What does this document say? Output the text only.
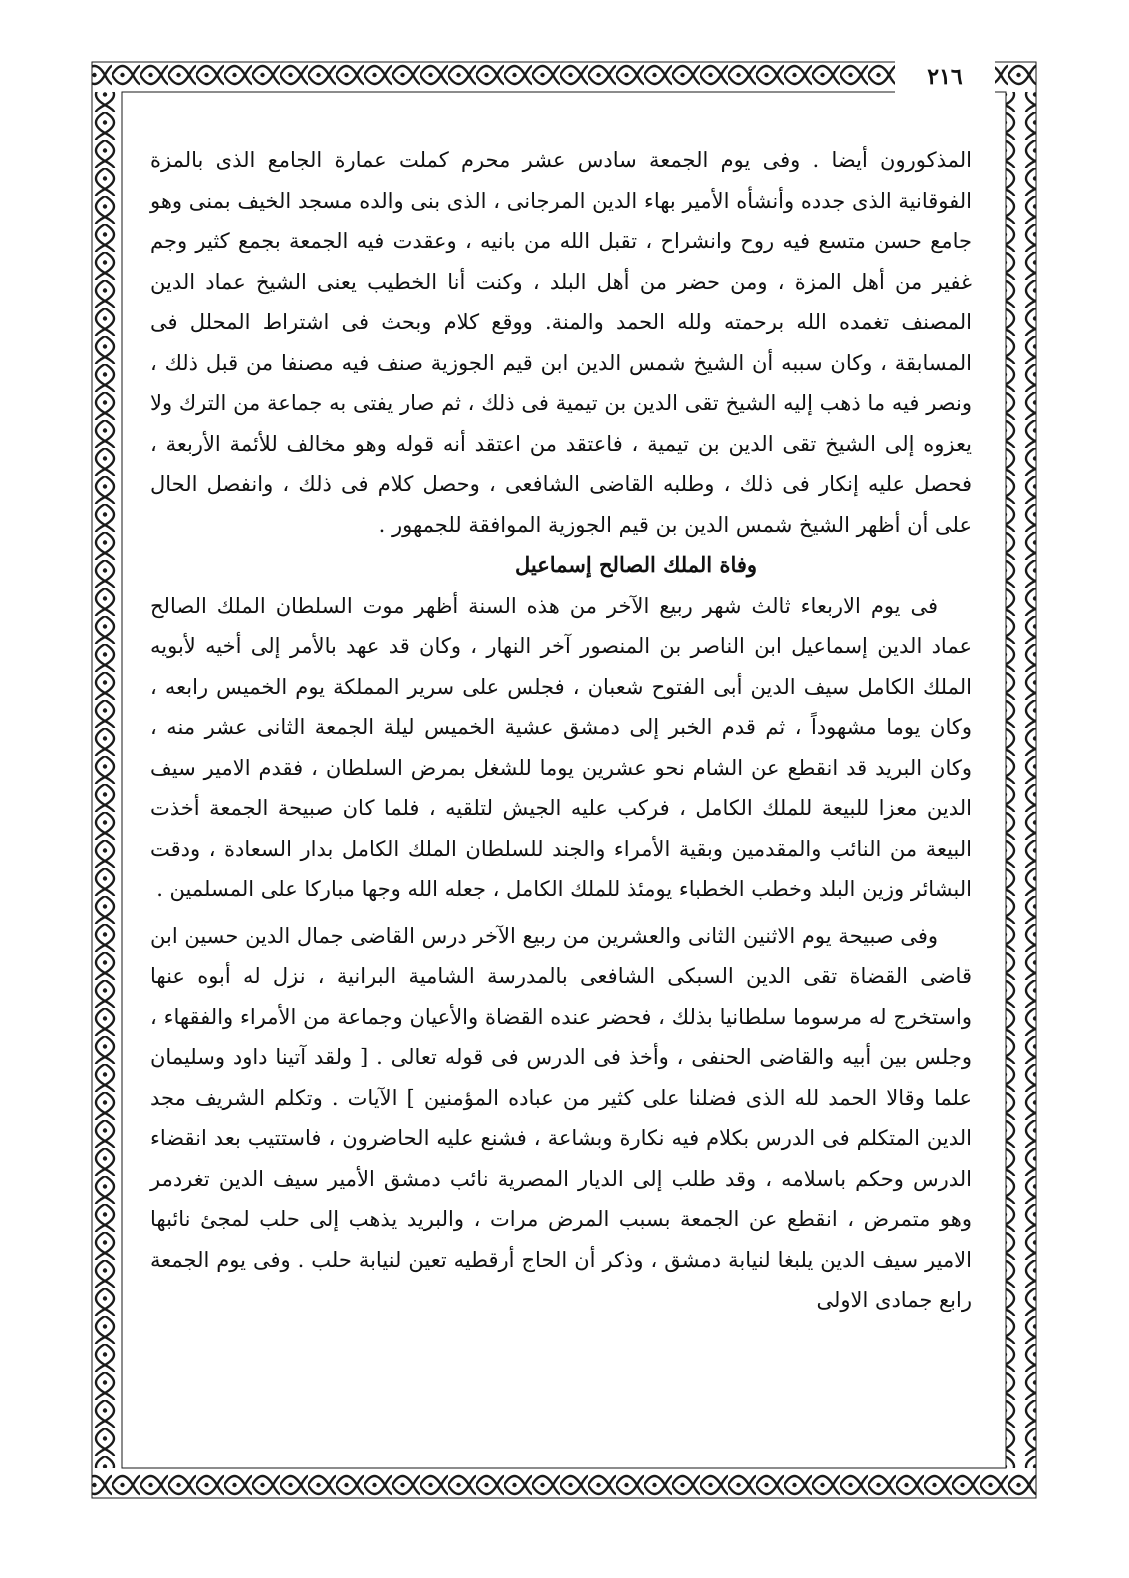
٢١٦

المذكورون أيضا . وفى يوم الجمعة سادس عشر محرم كملت عمارة الجامع الذى بالمزة الفوقانية الذى جدده وأنشأه الأمير بهاء الدين المرجانى ، الذى بنى والده مسجد الخيف بمنى وهو جامع حسن متسع فيه روح وانشراح ، تقبل الله من بانيه ، وعقدت فيه الجمعة بجمع كثير وجم غفير من أهل المزة ، ومن حضر من أهل البلد ، وكنت أنا الخطيب يعنى الشيخ عماد الدين المصنف تغمده الله برحمته ولله الحمد والمنة. ووقع كلام وبحث فى اشتراط المحلل فى المسابقة ، وكان سببه أن الشيخ شمس الدين ابن قيم الجوزية صنف فيه مصنفا من قبل ذلك ، ونصر فيه ما ذهب إليه الشيخ تقى الدين بن تيمية فى ذلك ، ثم صار يفتى به جماعة من الترك ولا يعزوه إلى الشيخ تقى الدين بن تيمية ، فاعتقد من اعتقد أنه قوله وهو مخالف للأئمة الأربعة ، فحصل عليه إنكار فى ذلك ، وطلبه القاضى الشافعى ، وحصل كلام فى ذلك ، وانفصل الحال على أن أظهر الشيخ شمس الدين بن قيم الجوزية الموافقة للجمهور .

وفاة الملك الصالح إسماعيل

فى يوم الاربعاء ثالث شهر ربيع الآخر من هذه السنة أظهر موت السلطان الملك الصالح عماد الدين إسماعيل ابن الناصر بن المنصور آخر النهار ، وكان قد عهد بالأمر إلى أخيه لأبويه الملك الكامل سيف الدين أبى الفتوح شعبان ، فجلس على سرير المملكة يوم الخميس رابعه ، وكان يوما مشهوداً ، ثم قدم الخبر إلى دمشق عشية الخميس ليلة الجمعة الثانى عشر منه ، وكان البريد قد انقطع عن الشام نحو عشرين يوما للشغل بمرض السلطان ، فقدم الامير سيف الدين معزا للبيعة للملك الكامل ، فركب عليه الجيش لتلقيه ، فلما كان صبيحة الجمعة أخذت البيعة من النائب والمقدمين وبقية الأمراء والجند للسلطان الملك الكامل بدار السعادة ، ودقت البشائر وزين البلد وخطب الخطباء يومئذ للملك الكامل ، جعله الله وجها مباركا على المسلمين .

وفى صبيحة يوم الاثنين الثانى والعشرين من ربيع الآخر درس القاضى جمال الدين حسين ابن قاضى القضاة تقى الدين السبكى الشافعى بالمدرسة الشامية البرانية ، نزل له أبوه عنها واستخرج له مرسوما سلطانيا بذلك ، فحضر عنده القضاة والأعيان وجماعة من الأمراء والفقهاء ، وجلس بين أبيه والقاضى الحنفى ، وأخذ فى الدرس فى قوله تعالى . [ ولقد آتينا داود وسليمان علما وقالا الحمد لله الذى فضلنا على كثير من عباده المؤمنين ] الآيات . وتكلم الشريف مجد الدين المتكلم فى الدرس بكلام فيه نكارة وبشاعة ، فشنع عليه الحاضرون ، فاستتيب بعد انقضاء الدرس وحكم باسلامه ، وقد طلب إلى الديار المصرية نائب دمشق الأمير سيف الدين تغردمر وهو متمرض ، انقطع عن الجمعة بسبب المرض مرات ، والبريد يذهب إلى حلب لمجئ نائبها الامير سيف الدين يلبغا لنيابة دمشق ، وذكر أن الحاج أرقطيه تعين لنيابة حلب . وفى يوم الجمعة رابع جمادى الاولى
